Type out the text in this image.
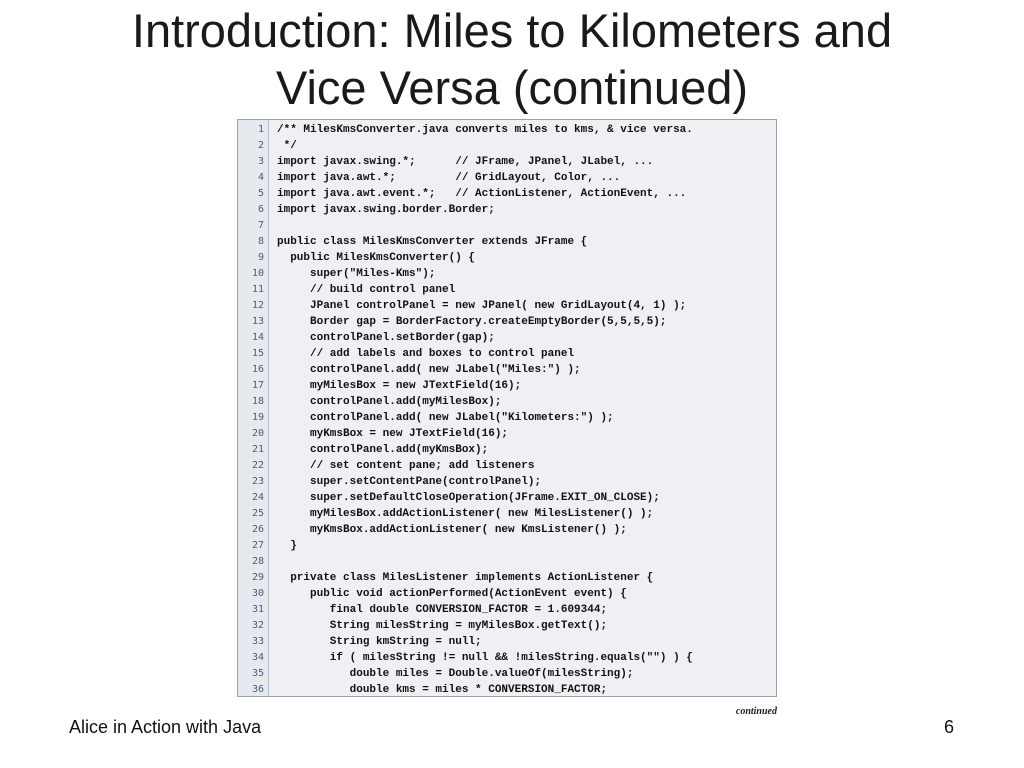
Introduction: Miles to Kilometers and
Vice Versa (continued)
1 /** MilesKmsConverter.java converts miles to kms, & vice versa.
2 */
3 import javax.swing.*;      // JFrame, JPanel, JLabel, ...
4 import java.awt.*;         // GridLayout, Color, ...
5 import java.awt.event.*;   // ActionListener, ActionEvent, ...
6 import javax.swing.border.Border;
7
8 public class MilesKmsConverter extends JFrame {
9 public MilesKmsConverter() {
10 super("Miles-Kms");
11 // build control panel
12 JPanel controlPanel = new JPanel( new GridLayout(4, 1) );
13 Border gap = BorderFactory.createEmptyBorder(5,5,5,5);
14 controlPanel.setBorder(gap);
15 // add labels and boxes to control panel
16 controlPanel.add( new JLabel("Miles:") );
17 myMilesBox = new JTextField(16);
18 controlPanel.add(myMilesBox);
19 controlPanel.add( new JLabel("Kilometers:") );
20 myKmsBox = new JTextField(16);
21 controlPanel.add(myKmsBox);
22 // set content pane; add listeners
23 super.setContentPane(controlPanel);
24 super.setDefaultCloseOperation(JFrame.EXIT_ON_CLOSE);
25 myMilesBox.addActionListener( new MilesListener() );
26 myKmsBox.addActionListener( new KmsListener() );
27 }
28
29 private class MilesListener implements ActionListener {
30 public void actionPerformed(ActionEvent event) {
31 final double CONVERSION_FACTOR = 1.609344;
32 String milesString = myMilesBox.getText();
33 String kmString = null;
34 if ( milesString != null && !milesString.equals("") ) {
35 double miles = Double.valueOf(milesString);
36 double kms = miles * CONVERSION_FACTOR;
continued
Alice in Action with Java	6
